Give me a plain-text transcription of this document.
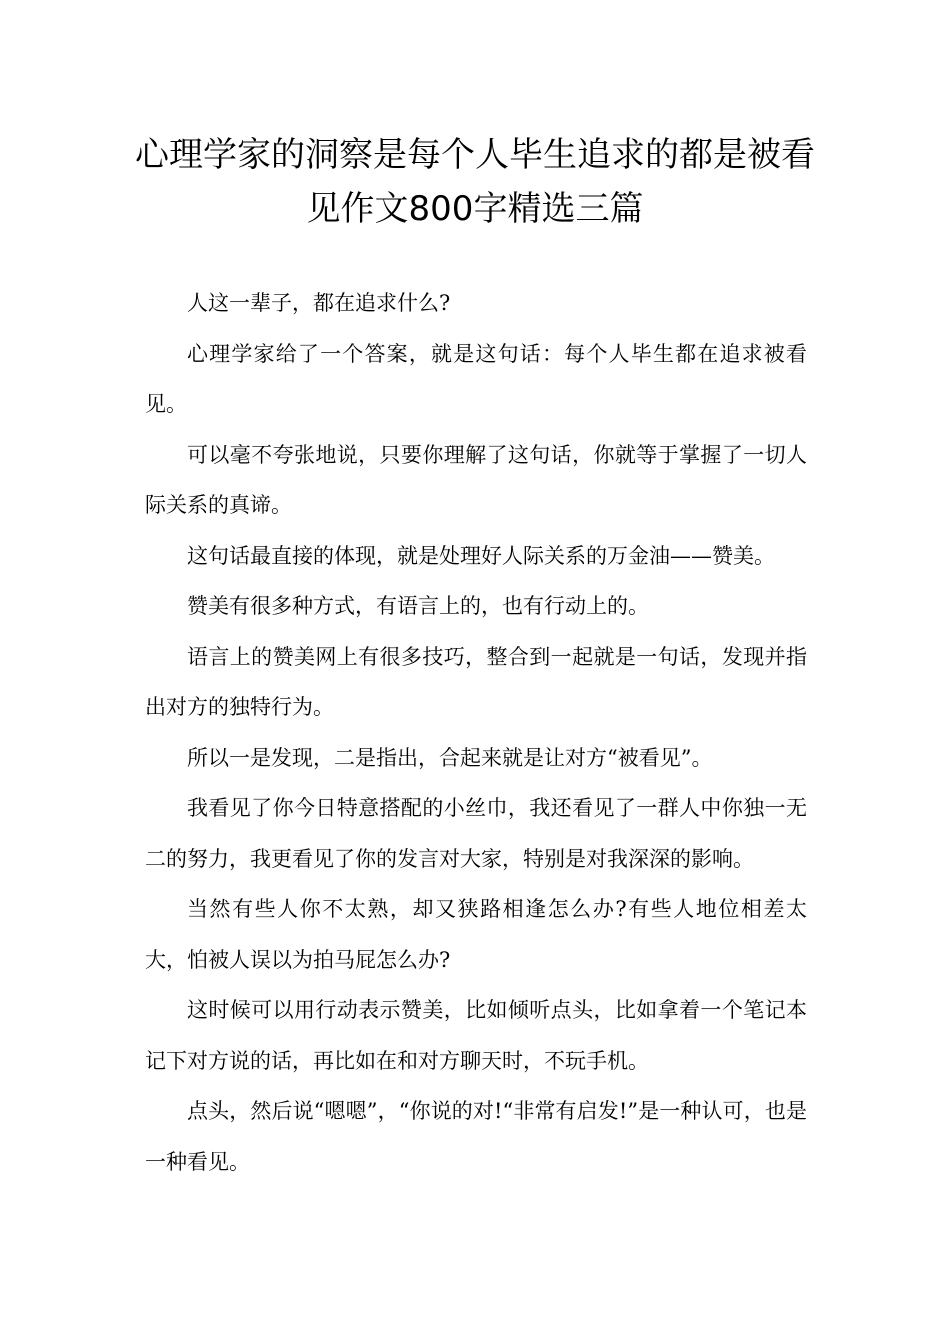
心理学家的洞察是每个人毕生追求的都是被看见作文800字精选三篇

人这一辈子，都在追求什么?

心理学家给了一个答案，就是这句话：每个人毕生都在追求被看见。

可以毫不夸张地说，只要你理解了这句话，你就等于掌握了一切人际关系的真谛。

这句话最直接的体现，就是处理好人际关系的万金油——赞美。

赞美有很多种方式，有语言上的，也有行动上的。

语言上的赞美网上有很多技巧，整合到一起就是一句话，发现并指出对方的独特行为。

所以一是发现，二是指出，合起来就是让对方“被看见”。

我看见了你今日特意搭配的小丝巾，我还看见了一群人中你独一无二的努力，我更看见了你的发言对大家，特别是对我深深的影响。

当然有些人你不太熟，却又狭路相逢怎么办?有些人地位相差太大，怕被人误以为拍马屁怎么办?

这时候可以用行动表示赞美，比如倾听点头，比如拿着一个笔记本记下对方说的话，再比如在和对方聊天时，不玩手机。

点头，然后说“嗯嗯”，“你说的对!“非常有启发!”是一种认可，也是一种看见。
